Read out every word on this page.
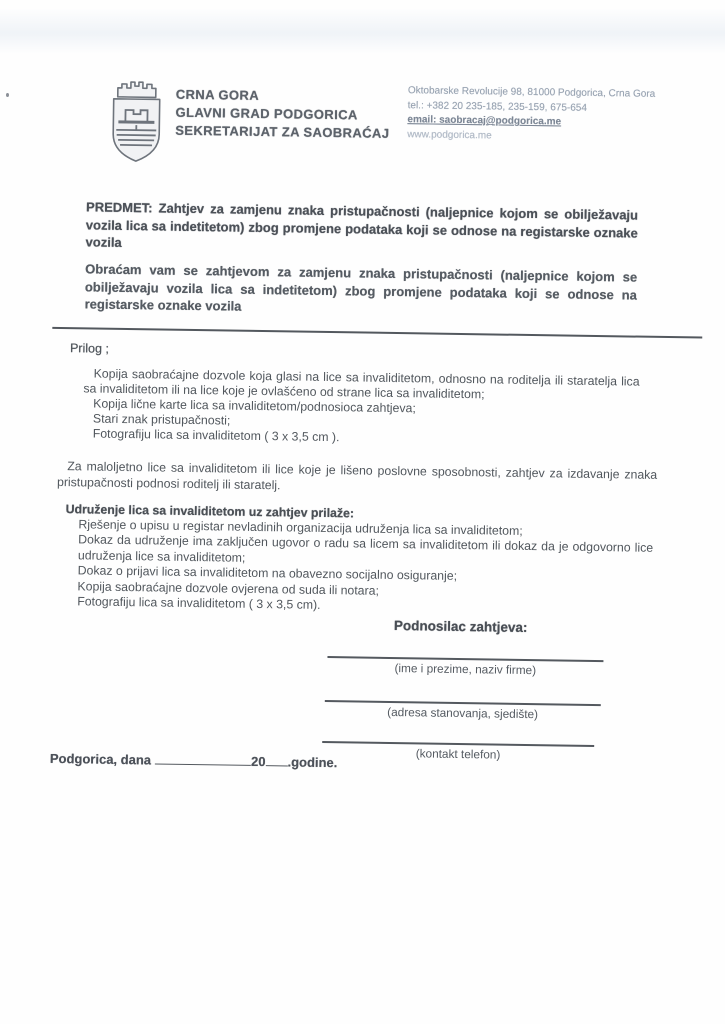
CRNA GORA
GLAVNI GRAD PODGORICA
SEKRETARIJAT ZA SAOBRAĆAJ
Oktobarske Revolucije 98, 81000 Podgorica, Crna Gora
tel.: +382 20 235-185, 235-159, 675-654
email: saobracaj@podgorica.me
www.podgorica.me

PREDMET: Zahtjev za zamjenu znaka pristupačnosti (naljepnice kojom se obilježavaju vozila lica sa indetitetom) zbog promjene podataka koji se odnose na registarske oznake vozila

Obraćam vam se zahtjevom za zamjenu znaka pristupačnosti (naljepnice kojom se obilježavaju vozila lica sa indetitetom) zbog promjene podataka koji se odnose na registarske oznake vozila

Prilog ;
Kopija saobraćajne dozvole koja glasi na lice sa invaliditetom, odnosno na roditelja ili staratelja lica sa invaliditetom ili na lice koje je ovlašćeno od strane lica sa invaliditetom;
Kopija lične karte lica sa invaliditetom/podnosioca zahtjeva;
Stari znak pristupačnosti;
Fotografiju lica sa invaliditetom ( 3 x 3,5 cm ).

Za maloljetno lice sa invaliditetom ili lice koje je lišeno poslovne sposobnosti, zahtjev za izdavanje znaka pristupačnosti podnosi roditelj ili staratelj.

Udruženje lica sa invaliditetom uz zahtjev prilaže:
Rješenje o upisu u registar nevladinih organizacija udruženja lica sa invaliditetom;
Dokaz da udruženje ima zaključen ugovor o radu sa licem sa invaliditetom ili dokaz da je odgovorno lice udruženja lice sa invaliditetom;
Dokaz o prijavi lica sa invaliditetom na obavezno socijalno osiguranje;
Kopija saobraćajne dozvole ovjerena od suda ili notara;
Fotografiju lica sa invaliditetom ( 3 x 3,5 cm).
Podnosilac zahtjeva:
(ime i prezime, naziv firme)
(adresa stanovanja, sjedište)
(kontakt telefon)
Podgorica, dana	20 .godine.
